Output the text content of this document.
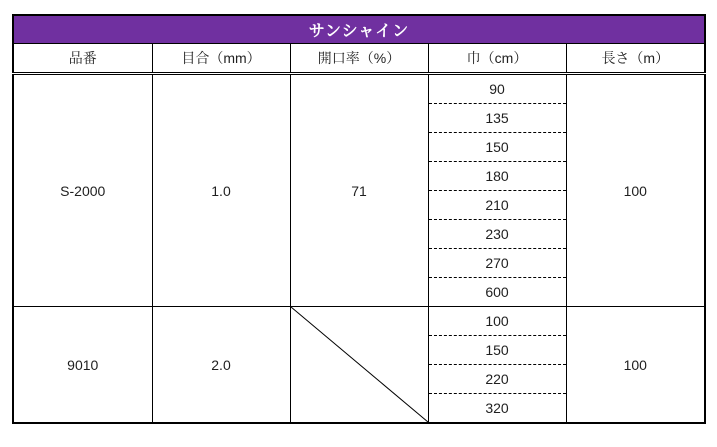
サンシャイン				
品番	目合（mm）	開口率（%）	巾（cm）	長さ（m）
S-2000	1.0	71	90	100
			135	
			150	
			180	
			210	
			230	
			270	
			600	
9010	2.0		100	100
			150	
			220	
			320	
